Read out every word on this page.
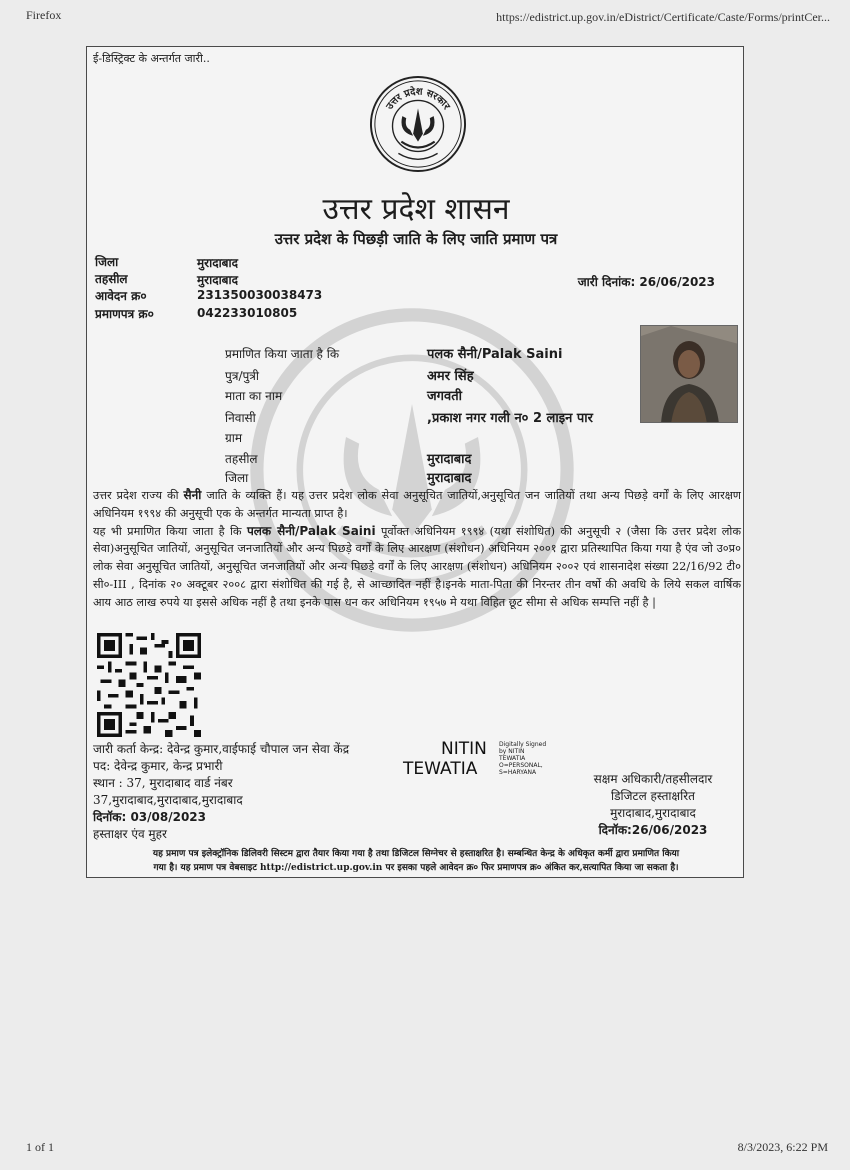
Firefox	https://edistrict.up.gov.in/eDistrict/Certificate/Caste/Forms/printCer...
ई-डिस्ट्रिक्ट के अन्तर्गत जारी..
उत्तर प्रदेश सरकार
उत्तर प्रदेश शासन
उत्तर प्रदेश के पिछड़ी जाति के लिए जाति प्रमाण पत्र
जिला	मुरादाबाद
तहसील	मुरादाबाद
आवेदन क्र०	231350030038473
प्रमाणपत्र क्र०	042233010805
जारी दिनांक: 26/06/2023
प्रमाणित किया जाता है कि	पलक सैनी/Palak Saini
पुत्र/पुत्री	अमर सिंह
माता का नाम	जगवती
निवासी	,प्रकाश नगर गली न० 2 लाइन पार
ग्राम
तहसील	मुरादाबाद
जिला	मुरादाबाद

उत्तर प्रदेश राज्य की सैनी जाति के व्यक्ति हैं। यह उत्तर प्रदेश लोक सेवा अनुसूचित जातियों,अनुसूचित जन जातियों तथा अन्य पिछड़े वर्गों के लिए आरक्षण अधिनियम १९९४ की अनुसूची एक के अन्तर्गत मान्यता प्राप्त है।

यह भी प्रमाणित किया जाता है कि पलक सैनी/Palak Saini पूर्वोक्त अधिनियम १९९४ (यथा संशोधित) की अनुसूची २ (जैसा कि उत्तर प्रदेश लोक सेवा)अनुसूचित जातियों, अनुसूचित जनजातियों और अन्य पिछड़े वर्गों के लिए आरक्षण (संशोधन) अधिनियम २००१ द्वारा प्रतिस्थापित किया गया है एंव जो उ०प्र० लोक सेवा अनुसूचित जातियों, अनुसूचित जनजातियों और अन्य पिछड़े वर्गों के लिए आरक्षण (संशोधन) अधिनियम २००२ एवं शासनादेश संख्या 22/16/92 टी० सी०-III , दिनांक २० अक्टूबर २००८ द्वारा संशोधित की गई है, से आच्छादित नहीं है।इनके माता-पिता की निरन्तर तीन वर्षो की अवधि के लिये सकल वार्षिक आय आठ लाख रुपये या इससे अधिक नहीं है तथा इनके पास धन कर अधिनियम १९५७ मे यथा विहित छूट सीमा से अधिक सम्पत्ति नहीं है |

जारी कर्ता केन्द्र: देवेन्द्र कुमार,वाईफाई चौपाल जन सेवा केंद्र
पद: देवेन्द्र कुमार, केन्द्र प्रभारी
स्थान : 37, मुरादाबाद वार्ड नंबर
37,मुरादाबाद,मुरादाबाद,मुरादाबाद
दिनॉक: 03/08/2023
हस्ताक्षर एंव मुहर
NITIN
TEWATIA
Digitally Signed
by NITIN
TEWATIA
O=PERSONAL,
S=HARYANA	सक्षम अधिकारी/तहसीलदार
डिजिटल हस्ताक्षरित
मुरादाबाद,मुरादाबाद
दिनॉक:26/06/2023
यह प्रमाण पत्र इलेक्ट्रॉनिक डिलिवरी सिस्टम द्वारा तैयार किया गया है तथा डिजिटल सिग्नेचर से हस्ताक्षरित है। सम्बन्धित केन्द्र के अधिकृत कर्मी द्वारा प्रमाणित किया
गया है। यह प्रमाण पत्र वेबसाइट http://edistrict.up.gov.in पर इसका पहले आवेदन क्र० फिर प्रमाणपत्र क्र० अंकित कर,सत्यापित किया जा सकता है।
1 of 1	8/3/2023, 6:22 PM
